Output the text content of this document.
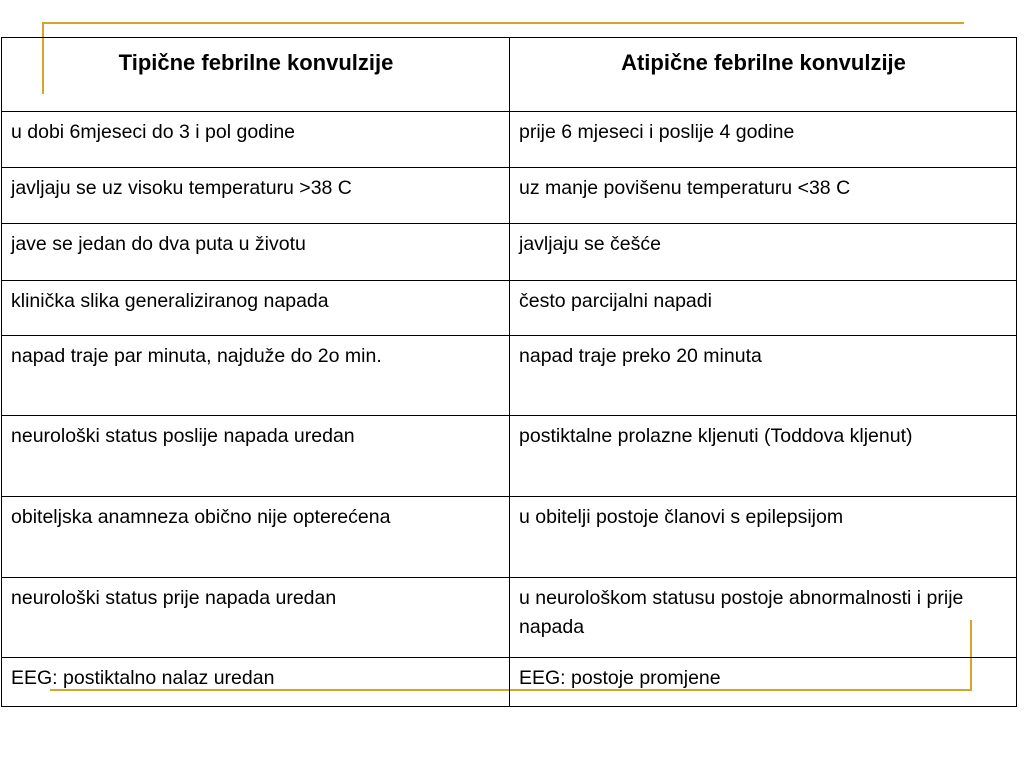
Tipične febrilne konvulzije	Atipične febrilne konvulzije
u dobi 6mjeseci do 3 i pol godine	prije 6 mjeseci i poslije 4 godine
javljaju se uz visoku temperaturu >38 C	uz manje povišenu temperaturu <38 C
jave se jedan do dva puta u životu	javljaju se češće
klinička slika generaliziranog napada	često parcijalni napadi
napad traje par minuta, najduže do 2o min.	napad traje preko 20 minuta
neurološki status poslije napada uredan	postiktalne prolazne kljenuti (Toddova kljenut)
obiteljska anamneza obično nije opterećena	u obitelji postoje članovi s epilepsijom
neurološki status prije napada uredan	u neurološkom statusu postoje abnormalnosti i prije napada
EEG: postiktalno nalaz uredan	EEG: postoje promjene
